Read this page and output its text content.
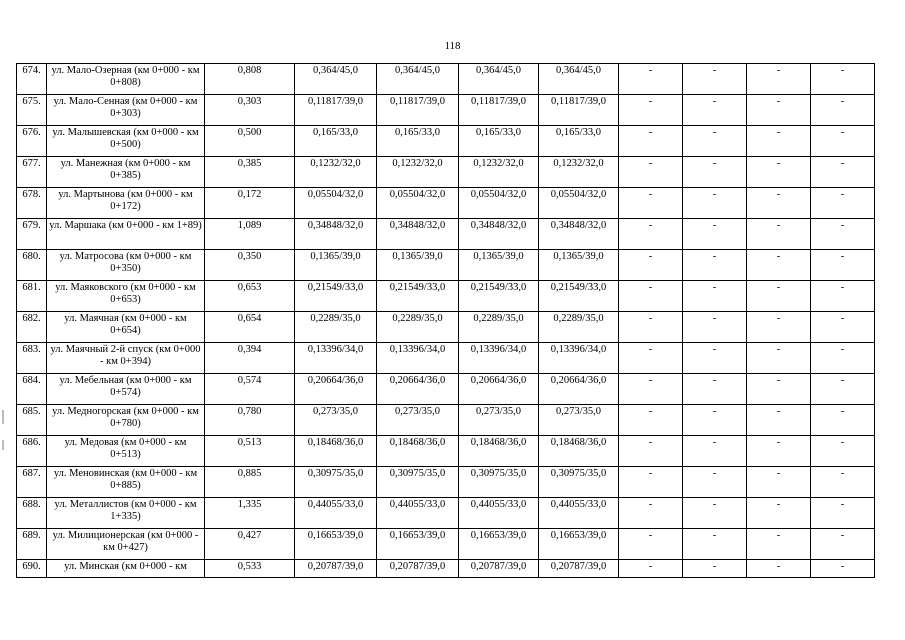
118
674.	ул. Мало-Озерная (км 0+000 - км 0+808)	0,808	0,364/45,0	0,364/45,0	0,364/45,0	0,364/45,0	-	-	-	-
675.	ул. Мало-Сенная (км 0+000 - км 0+303)	0,303	0,11817/39,0	0,11817/39,0	0,11817/39,0	0,11817/39,0	-	-	-	-
676.	ул. Малышевская (км 0+000 - км 0+500)	0,500	0,165/33,0	0,165/33,0	0,165/33,0	0,165/33,0	-	-	-	-
677.	ул. Манежная (км 0+000 - км 0+385)	0,385	0,1232/32,0	0,1232/32,0	0,1232/32,0	0,1232/32,0	-	-	-	-
678.	ул. Мартынова (км 0+000 - км 0+172)	0,172	0,05504/32,0	0,05504/32,0	0,05504/32,0	0,05504/32,0	-	-	-	-
679.	ул. Маршака (км 0+000 - км 1+89)	1,089	0,34848/32,0	0,34848/32,0	0,34848/32,0	0,34848/32,0	-	-	-	-
680.	ул. Матросова (км 0+000 - км 0+350)	0,350	0,1365/39,0	0,1365/39,0	0,1365/39,0	0,1365/39,0	-	-	-	-
681.	ул. Маяковского (км 0+000 - км 0+653)	0,653	0,21549/33,0	0,21549/33,0	0,21549/33,0	0,21549/33,0	-	-	-	-
682.	ул. Маячная (км 0+000 - км 0+654)	0,654	0,2289/35,0	0,2289/35,0	0,2289/35,0	0,2289/35,0	-	-	-	-
683.	ул. Маячный 2-й спуск (км 0+000 - км 0+394)	0,394	0,13396/34,0	0,13396/34,0	0,13396/34,0	0,13396/34,0	-	-	-	-
684.	ул. Мебельная (км 0+000 - км 0+574)	0,574	0,20664/36,0	0,20664/36,0	0,20664/36,0	0,20664/36,0	-	-	-	-
685.	ул. Медногорская (км 0+000 - км 0+780)	0,780	0,273/35,0	0,273/35,0	0,273/35,0	0,273/35,0	-	-	-	-
686.	ул. Медовая (км 0+000 - км 0+513)	0,513	0,18468/36,0	0,18468/36,0	0,18468/36,0	0,18468/36,0	-	-	-	-
687.	ул. Меновинская (км 0+000 - км 0+885)	0,885	0,30975/35,0	0,30975/35,0	0,30975/35,0	0,30975/35,0	-	-	-	-
688.	ул. Металлистов (км 0+000 - км 1+335)	1,335	0,44055/33,0	0,44055/33,0	0,44055/33,0	0,44055/33,0	-	-	-	-
689.	ул. Милиционерская (км 0+000 - км 0+427)	0,427	0,16653/39,0	0,16653/39,0	0,16653/39,0	0,16653/39,0	-	-	-	-
690.	ул. Минская (км 0+000 - км	0,533	0,20787/39,0	0,20787/39,0	0,20787/39,0	0,20787/39,0	-	-	-	-
